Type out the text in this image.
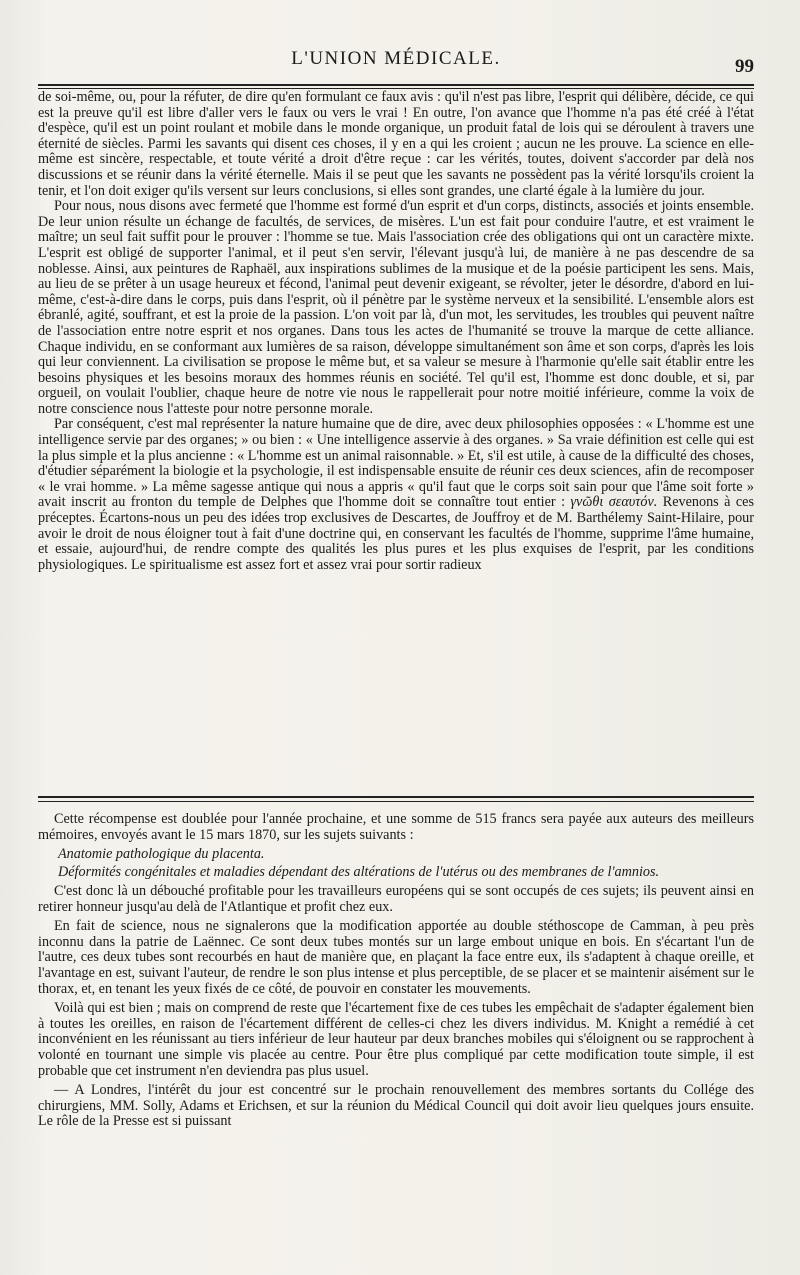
L'UNION MÉDICALE.	99

de soi-même, ou, pour la réfuter, de dire qu'en formulant ce faux avis : qu'il n'est pas libre, l'esprit qui délibère, décide, ce qui est la preuve qu'il est libre d'aller vers le faux ou vers le vrai ! En outre, l'on avance que l'homme n'a pas été créé à l'état d'espèce, qu'il est un point roulant et mobile dans le monde organique, un produit fatal de lois qui se déroulent à travers une éternité de siècles. Parmi les savants qui disent ces choses, il y en a qui les croient ; aucun ne les prouve. La science en elle-même est sincère, respectable, et toute vérité a droit d'être reçue : car les vérités, toutes, doivent s'accorder par delà nos discussions et se réunir dans la vérité éternelle. Mais il se peut que les savants ne possèdent pas la vérité lorsqu'ils croient la tenir, et l'on doit exiger qu'ils versent sur leurs conclusions, si elles sont grandes, une clarté égale à la lumière du jour.

Pour nous, nous disons avec fermeté que l'homme est formé d'un esprit et d'un corps, distincts, associés et joints ensemble. De leur union résulte un échange de facultés, de services, de misères. L'un est fait pour conduire l'autre, et est vraiment le maître; un seul fait suffit pour le prouver : l'homme se tue. Mais l'association crée des obligations qui ont un caractère mixte. L'esprit est obligé de supporter l'animal, et il peut s'en servir, l'élevant jusqu'à lui, de manière à ne pas descendre de sa noblesse. Ainsi, aux peintures de Raphaël, aux inspirations sublimes de la musique et de la poésie participent les sens. Mais, au lieu de se prêter à un usage heureux et fécond, l'animal peut devenir exigeant, se révolter, jeter le désordre, d'abord en lui-même, c'est-à-dire dans le corps, puis dans l'esprit, où il pénètre par le système nerveux et la sensibilité. L'ensemble alors est ébranlé, agité, souffrant, et est la proie de la passion. L'on voit par là, d'un mot, les servitudes, les troubles qui peuvent naître de l'association entre notre esprit et nos organes. Dans tous les actes de l'humanité se trouve la marque de cette alliance. Chaque individu, en se conformant aux lumières de sa raison, développe simultanément son âme et son corps, d'après les lois qui leur conviennent. La civilisation se propose le même but, et sa valeur se mesure à l'harmonie qu'elle sait établir entre les besoins physiques et les besoins moraux des hommes réunis en société. Tel qu'il est, l'homme est donc double, et si, par orgueil, on voulait l'oublier, chaque heure de notre vie nous le rappellerait pour notre moitié inférieure, comme la voix de notre conscience nous l'atteste pour notre personne morale.

Par conséquent, c'est mal représenter la nature humaine que de dire, avec deux philosophies opposées : « L'homme est une intelligence servie par des organes; » ou bien : « Une intelligence asservie à des organes. » Sa vraie définition est celle qui est la plus simple et la plus ancienne : « L'homme est un animal raisonnable. » Et, s'il est utile, à cause de la difficulté des choses, d'étudier séparément la biologie et la psychologie, il est indispensable ensuite de réunir ces deux sciences, afin de recomposer « le vrai homme. » La même sagesse antique qui nous a appris « qu'il faut que le corps soit sain pour que l'âme soit forte » avait inscrit au fronton du temple de Delphes que l'homme doit se connaître tout entier : γνῶθι σεαυτόν. Revenons à ces préceptes. Écartons-nous un peu des idées trop exclusives de Descartes, de Jouffroy et de M. Barthélemy Saint-Hilaire, pour avoir le droit de nous éloigner tout à fait d'une doctrine qui, en conservant les facultés de l'homme, supprime l'âme humaine, et essaie, aujourd'hui, de rendre compte des qualités les plus pures et les plus exquises de l'esprit, par les conditions physiologiques. Le spiritualisme est assez fort et assez vrai pour sortir radieux

Cette récompense est doublée pour l'année prochaine, et une somme de 515 francs sera payée aux auteurs des meilleurs mémoires, envoyés avant le 15 mars 1870, sur les sujets suivants :

Anatomie pathologique du placenta.

Déformités congénitales et maladies dépendant des altérations de l'utérus ou des membranes de l'amnios.

C'est donc là un débouché profitable pour les travailleurs européens qui se sont occupés de ces sujets; ils peuvent ainsi en retirer honneur jusqu'au delà de l'Atlantique et profit chez eux.

En fait de science, nous ne signalerons que la modification apportée au double stéthoscope de Camman, à peu près inconnu dans la patrie de Laënnec. Ce sont deux tubes montés sur un large embout unique en bois. En s'écartant l'un de l'autre, ces deux tubes sont recourbés en haut de manière que, en plaçant la face entre eux, ils s'adaptent à chaque oreille, et l'avantage en est, suivant l'auteur, de rendre le son plus intense et plus perceptible, de se placer et se maintenir aisément sur le thorax, et, en tenant les yeux fixés de ce côté, de pouvoir en constater les mouvements.

Voilà qui est bien ; mais on comprend de reste que l'écartement fixe de ces tubes les empêchait de s'adapter également bien à toutes les oreilles, en raison de l'écartement différent de celles-ci chez les divers individus. M. Knight a remédié à cet inconvénient en les réunissant au tiers inférieur de leur hauteur par deux branches mobiles qui s'éloignent ou se rapprochent à volonté en tournant une simple vis placée au centre. Pour être plus compliqué par cette modification toute simple, il est probable que cet instrument n'en deviendra pas plus usuel.

— A Londres, l'intérêt du jour est concentré sur le prochain renouvellement des membres sortants du Collége des chirurgiens, MM. Solly, Adams et Erichsen, et sur la réunion du Médical Council qui doit avoir lieu quelques jours ensuite. Le rôle de la Presse est si puissant
